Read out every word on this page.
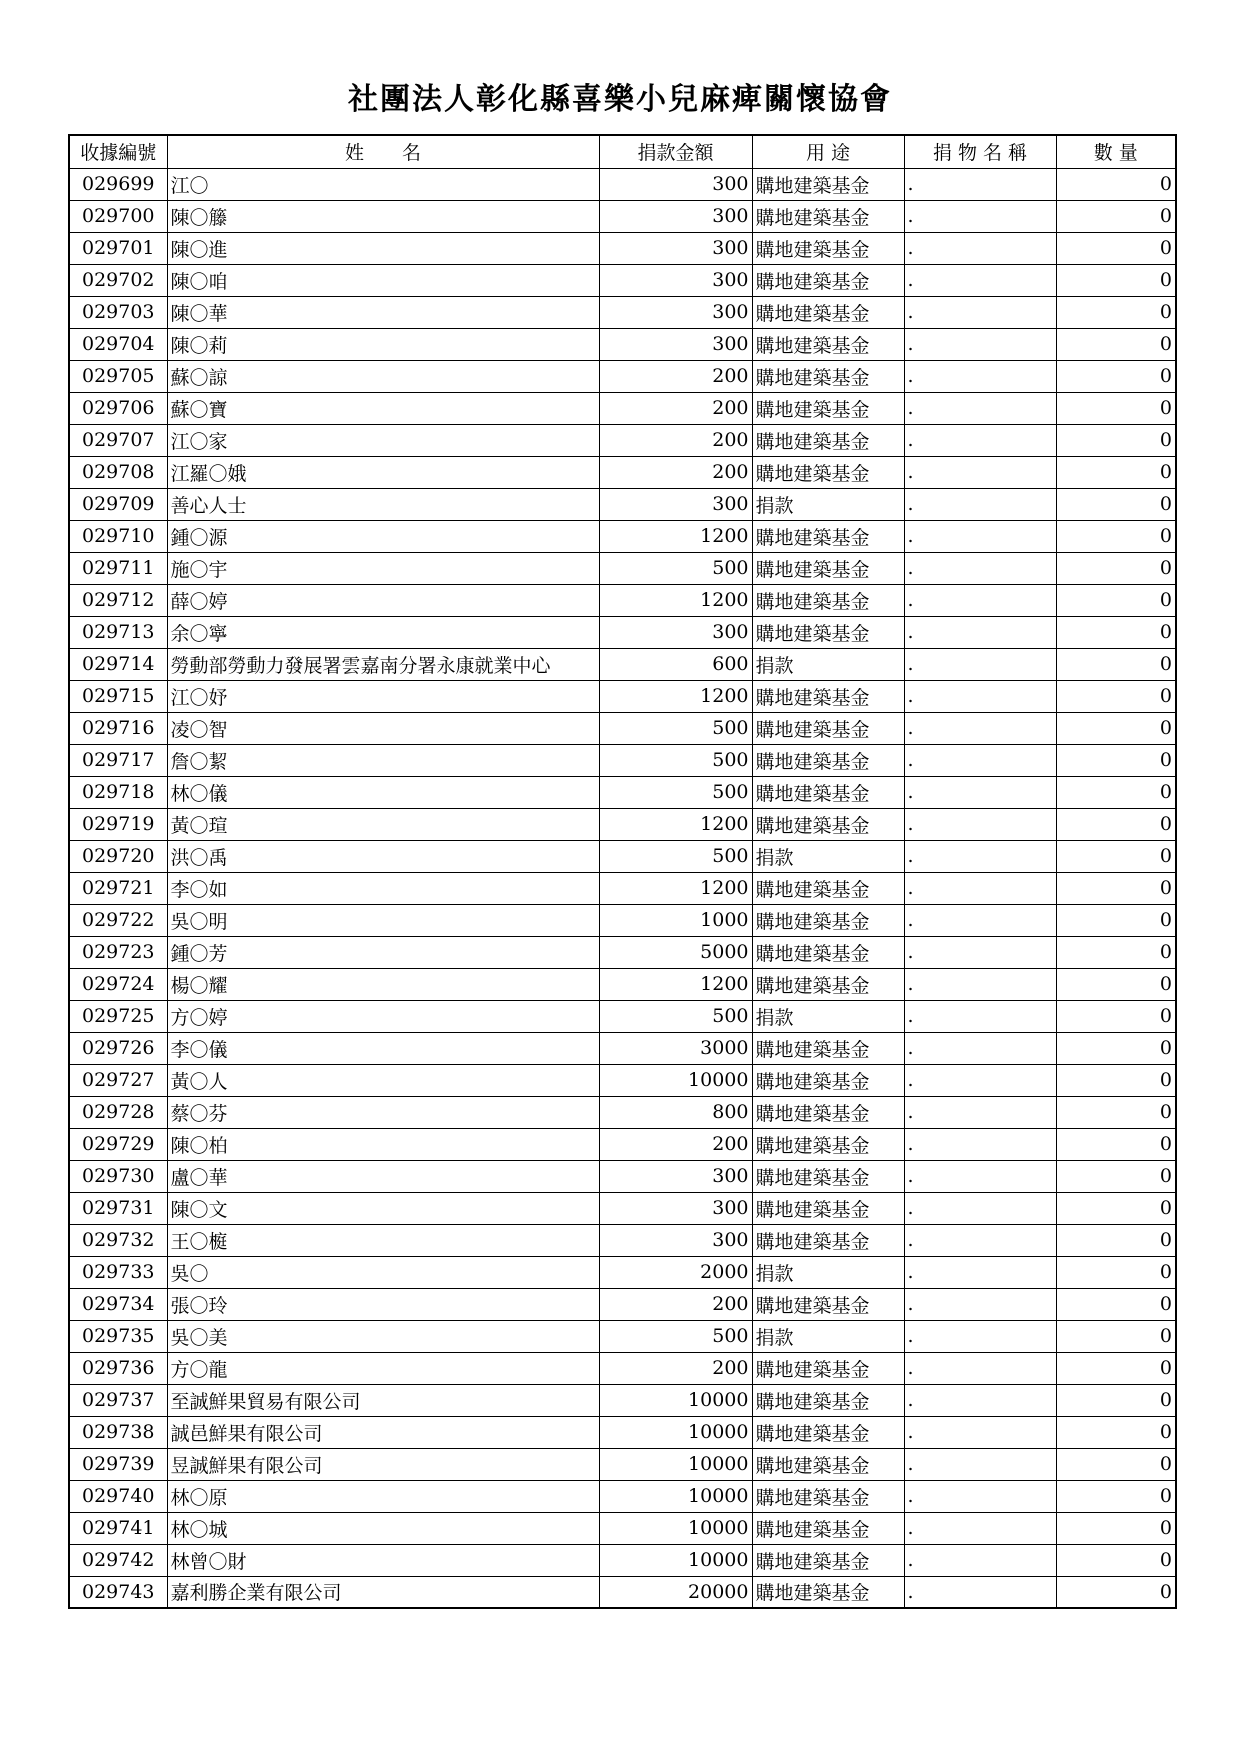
社團法人彰化縣喜樂小兒麻痺關懷協會
收據編號	姓　　名	捐款金額	用 途	捐 物 名 稱	數 量
029699	江〇	300	購地建築基金	.	0
029700	陳〇籐	300	購地建築基金	.	0
029701	陳〇進	300	購地建築基金	.	0
029702	陳〇咱	300	購地建築基金	.	0
029703	陳〇華	300	購地建築基金	.	0
029704	陳〇莉	300	購地建築基金	.	0
029705	蘇〇諒	200	購地建築基金	.	0
029706	蘇〇寶	200	購地建築基金	.	0
029707	江〇家	200	購地建築基金	.	0
029708	江羅〇娥	200	購地建築基金	.	0
029709	善心人士	300	捐款	.	0
029710	鍾〇源	1200	購地建築基金	.	0
029711	施〇宇	500	購地建築基金	.	0
029712	薛〇婷	1200	購地建築基金	.	0
029713	余〇寧	300	購地建築基金	.	0
029714	勞動部勞動力發展署雲嘉南分署永康就業中心	600	捐款	.	0
029715	江〇妤	1200	購地建築基金	.	0
029716	凌〇智	500	購地建築基金	.	0
029717	詹〇絜	500	購地建築基金	.	0
029718	林〇儀	500	購地建築基金	.	0
029719	黃〇瑄	1200	購地建築基金	.	0
029720	洪〇禹	500	捐款	.	0
029721	李〇如	1200	購地建築基金	.	0
029722	吳〇明	1000	購地建築基金	.	0
029723	鍾〇芳	5000	購地建築基金	.	0
029724	楊〇耀	1200	購地建築基金	.	0
029725	方〇婷	500	捐款	.	0
029726	李〇儀	3000	購地建築基金	.	0
029727	黃〇人	10000	購地建築基金	.	0
029728	蔡〇芬	800	購地建築基金	.	0
029729	陳〇柏	200	購地建築基金	.	0
029730	盧〇華	300	購地建築基金	.	0
029731	陳〇文	300	購地建築基金	.	0
029732	王〇榳	300	購地建築基金	.	0
029733	吳〇	2000	捐款	.	0
029734	張〇玲	200	購地建築基金	.	0
029735	吳〇美	500	捐款	.	0
029736	方〇龍	200	購地建築基金	.	0
029737	至誠鮮果貿易有限公司	10000	購地建築基金	.	0
029738	誠邑鮮果有限公司	10000	購地建築基金	.	0
029739	昱誠鮮果有限公司	10000	購地建築基金	.	0
029740	林〇原	10000	購地建築基金	.	0
029741	林〇城	10000	購地建築基金	.	0
029742	林曾〇財	10000	購地建築基金	.	0
029743	嘉利勝企業有限公司	20000	購地建築基金	.	0
